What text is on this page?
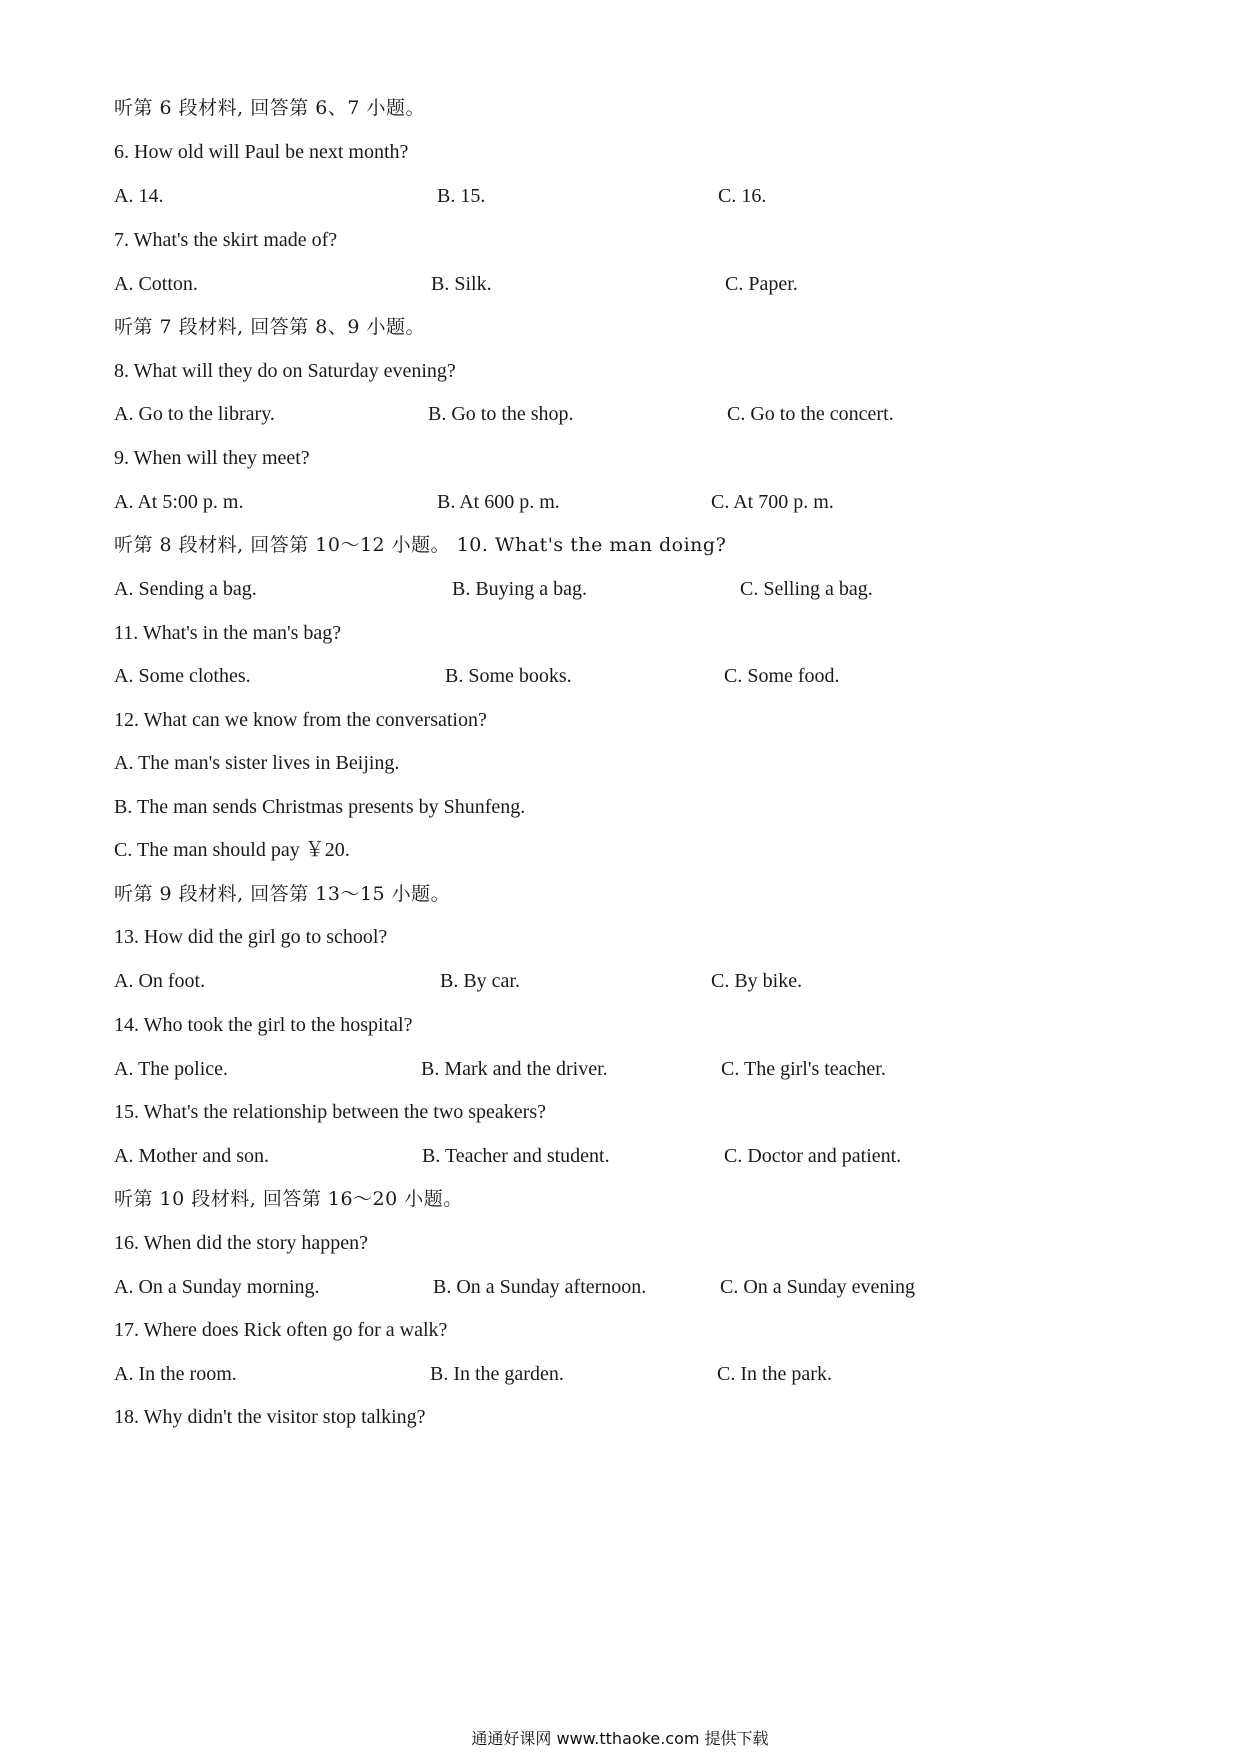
听第 6 段材料, 回答第 6、7 小题。
6. How old will Paul be next month?
A. 14.	B. 15.	C. 16.
7. What's the skirt made of?
A. Cotton.	B. Silk.	C. Paper.
听第 7 段材料, 回答第 8、9 小题。
8. What will they do on Saturday evening?
A. Go to the library.	B. Go to the shop.	C. Go to the concert.
9. When will they meet?
A. At 5:00 p. m.	B. At 600 p. m.	C. At 700 p. m.
听第 8 段材料, 回答第 10～12 小题。 10. What's the man doing?
A. Sending a bag.	B. Buying a bag.	C. Selling a bag.
11. What's in the man's bag?
A. Some clothes.	B. Some books.	C. Some food.
12. What can we know from the conversation?
A. The man's sister lives in Beijing.
B. The man sends Christmas presents by Shunfeng.
C. The man should pay ￥20.
听第 9 段材料, 回答第 13～15 小题。
13. How did the girl go to school?
A. On foot.	B. By car.	C. By bike.
14. Who took the girl to the hospital?
A. The police.	B. Mark and the driver.	C. The girl's teacher.
15. What's the relationship between the two speakers?
A. Mother and son.	B. Teacher and student.	C. Doctor and patient.
听第 10 段材料, 回答第 16～20 小题。
16. When did the story happen?
A. On a Sunday morning.	B. On a Sunday afternoon.	C. On a Sunday evening
17. Where does Rick often go for a walk?
A. In the room.	B. In the garden.	C. In the park.
18. Why didn't the visitor stop talking?
通通好课网 www.tthaoke.com 提供下载
